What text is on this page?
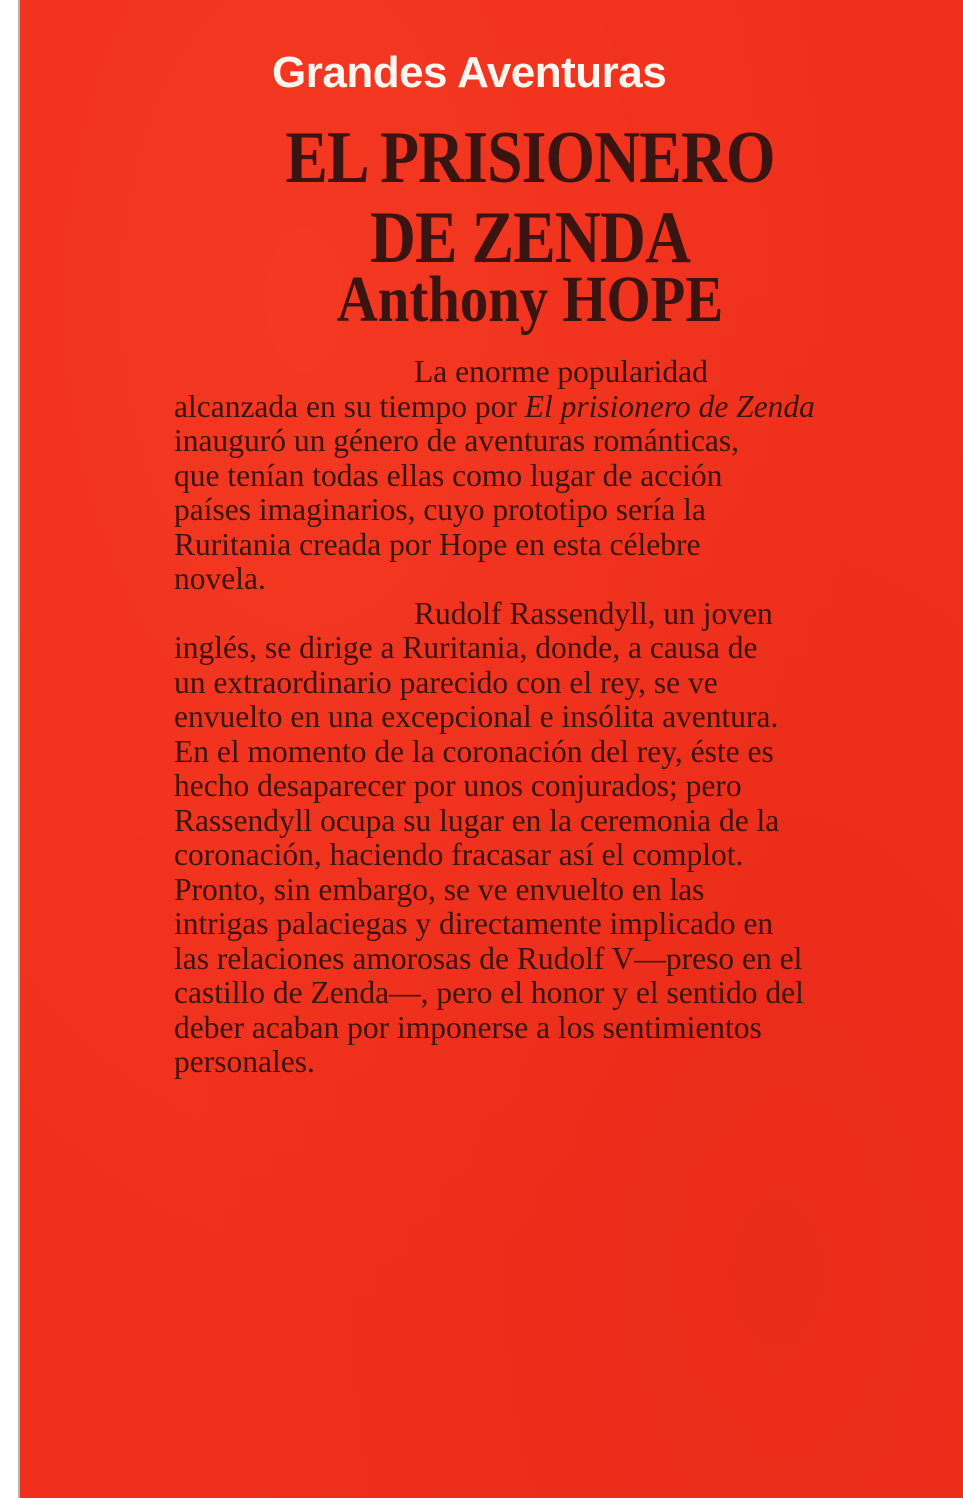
Grandes Aventuras
EL PRISIONERO
DE ZENDA
Anthony HOPE
La enorme popularidad
alcanzada en su tiempo por El prisionero de Zenda
inauguró un género de aventuras románticas,
que tenían todas ellas como lugar de acción
países imaginarios, cuyo prototipo sería la
Ruritania creada por Hope en esta célebre
novela.
Rudolf Rassendyll, un joven
inglés, se dirige a Ruritania, donde, a causa de
un extraordinario parecido con el rey, se ve
envuelto en una excepcional e insólita aventura.
En el momento de la coronación del rey, éste es
hecho desaparecer por unos conjurados; pero
Rassendyll ocupa su lugar en la ceremonia de la
coronación, haciendo fracasar así el complot.
Pronto, sin embargo, se ve envuelto en las
intrigas palaciegas y directamente implicado en
las relaciones amorosas de Rudolf V—preso en el
castillo de Zenda—, pero el honor y el sentido del
deber acaban por imponerse a los sentimientos
personales.
